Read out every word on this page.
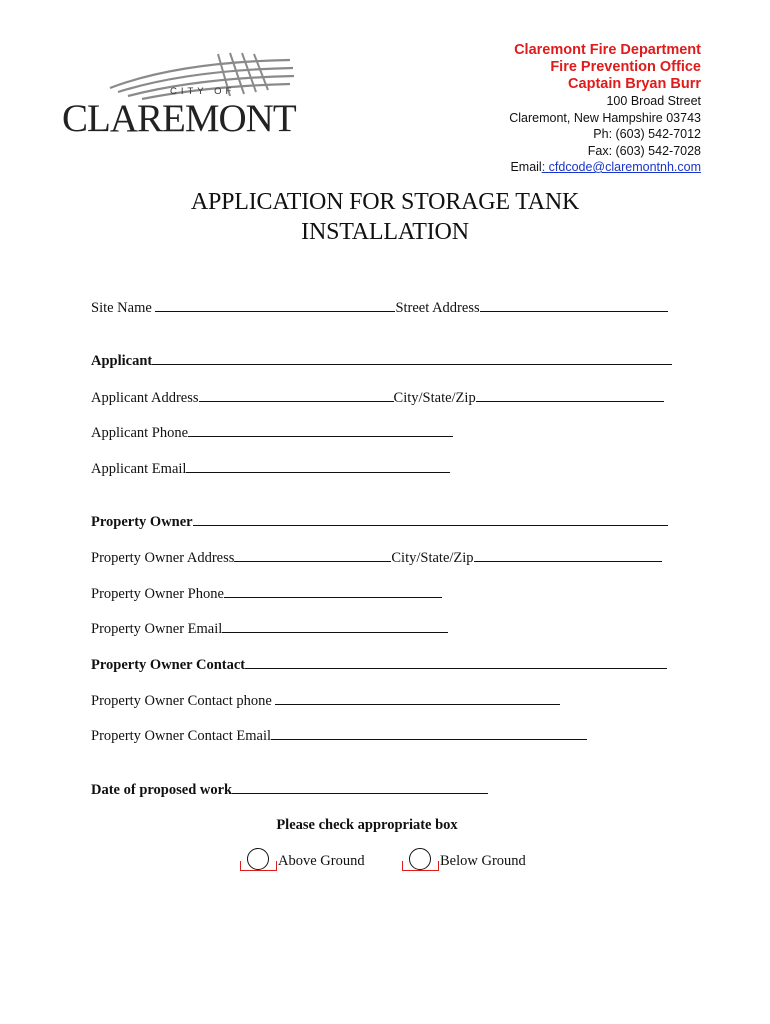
CITY OF
CLAREMONT
Claremont Fire Department
Fire Prevention Office
Captain Bryan Burr
100 Broad Street
Claremont, New Hampshire 03743
Ph: (603) 542-7012
Fax: (603) 542-7028
Email: cfdcode@claremontnh.com
APPLICATION FOR STORAGE TANK
INSTALLATION
Site Name	Street Address
Applicant
Applicant Address	City/State/Zip
Applicant Phone
Applicant Email
Property Owner
Property Owner Address	City/State/Zip
Property Owner Phone
Property Owner Email
Property Owner Contact
Property Owner Contact phone
Property Owner Contact Email
Date of proposed work
Please check appropriate box
Above Ground	Below Ground
